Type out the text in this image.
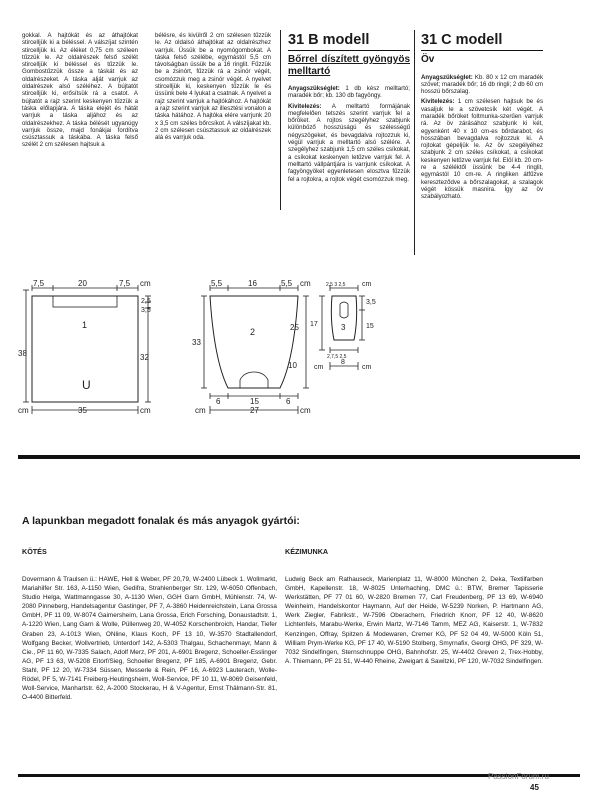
gokkal. A hajtókát és az áthajtókat stircelljük ki a béléssel. A válszíjat szintén stircelljük ki. Az éléket 0,75 cm széleen tűzzük le. Az oldalrészek felső szélét stircelljük ki béléssel és tűzzük le. Gombostűzzük össze a táskát és az oldalrészeket. A táska alját varrjuk az oldalrészek alsó széléhez. A bújtatót stircelljük ki, erősítsük rá a csatot. A bújtatót a rajz szerint keskenyen tűzzük a táska előlapjára. A táska elejét és hátát varrjuk a táska aljához és az oldalrészekhez. A táska bélését ugyanúgy varrjuk össze, majd fonákjai fordítva csúsztassuk a táskába. A táska felső szélét 2 cm szélesen hajtsuk a
bélésre, és kivülről 2 cm szélesen tűzzük le. Az oldalsó áthajtókat az oldalrészhez varrjuk. Üssük be a nyomógombokat. A táska felső szélébe, egymástól 5,5 cm távolságban üssük be a 16 ringlit. Fűzzük be a zsinórt, fűzzük rá a zsinór végét, csomózzuk meg a zsinór végét. A nyelvet stircelljük ki, keskenyen tűzzük le és üssünk bele 4 lyukat a csatnak. A nyelvet a rajz szerint varrjuk a hajtókához. A hajtókát a rajz szerint varrjuk az illesztési vonalon a táska hátához. A hajtóka elére varrjunk 20 x 3,5 cm széles bőrcsíkot. A válszíjakat kb. 2 cm szélesen csúsztassuk az oldalrészek alá és varrjuk oda.
31 B modell
Bőrrel díszített gyöngyös melltartó

Anyagszükséglet: 1 db kész melltartó; maradék bőr; kb. 130 db fagyöngy.

Kivitelezés: A melltartó formájának megfelelően tetszés szerint varrjuk fel a bőröket. A rojtos szegélyhez szabjunk különböző hosszúságú és szélességű négyszögeket, és bevagdalva rojtozzuk ki, végül varrjuk a melltartó alsó szélére. A szegélyhez szabjunk 1,5 cm széles csíkokat, a csíkokat keskenyen letűzve varrjuk fel. A melltartó vállpántjára is varrjunk csíkokat. A fagyöngyöket egyenletesen elosztva fűzzük fel a rojtokra, a rojtok végét csomózzuk meg.

31 C modell
Öv

Anyagszükséglet: Kb. 80 x 12 cm maradék szövet; maradék bőr; 16 db ringli; 2 db 60 cm hosszú bőrszalag.

Kivitelezés: 1 cm szélesen hajtsuk be és vasaljuk le a szövetcsík két végét. A maradék bőröket foltmunka-szerűen varrjuk rá. Az öv zárásához szabjunk ki két, egyenként 40 x 10 cm-es bőrdarabot, és hosszában bevagdalva rojtozzuk ki. A rojtokat gépeljük le. Az öv szegélyéhez szabjunk 2 cm széles csíkokat, a csíkokat keskenyen letűzve varrjuk fel. Elöl kb. 20 cm-re a széléktől üssünk be 4-4 ringlit, egymástól 10 cm-re. A ringliken átfűzve kereszteződve a bőrszalagokat, a szalagok végét kössük masnira. Így az öv szabályozható.

7,5	20	7,5 cm
2,5
3,5
1
U
38	32
cm	35	cm
5,5	16	5,5 cm
2
33
25
10
6	15	6
cm	27	cm
2,5 3 2,5 cm
3,5
15
3
17
2,7,5 2,5
cm
8
cm
A lapunkban megadott fonalak és más anyagok gyártói:
KÖTÉS	KÉZIMUNKA
Dovermann & Traulsen ü.: HAWE, Hell & Weber, PF 20,79, W-2400 Lübeck 1. Wollmarkt, Mariahilfer Str. 163, A-1150 Wien, Gedifra, Strahlenberger Str. 129, W-6050 Offenbach, Studio Helga, Wattmanngasse 30, A-1130 Wien, GGH Garn GmbH, Mühlenstr. 74, W-2080 Pinneberg, Handelsagentur Gastinger, PF 7, A-3860 Heidenreichstein, Lana Grossa GmbH, PF 11 09, W-8074 Gaimersheim, Lana Grossa, Erich Forsching, Donaustadtstr. 1, A-1220 Wien, Lang Garn & Wolle, Püllenweg 20, W-4052 Korschenbroich, Handar, Tiefer Graben 23, A-1013 Wien, ONline, Klaus Koch, PF 13 10, W-3570 Stadtallendorf, Wolfgang Becker, Wollvertrieb, Unterdorf 142, A-5303 Thalgau, Schachenmayr, Mann & Cie., PF 11 60, W-7335 Salach, Adolf Merz, PF 201, A-6901 Bregenz, Schoeller-Esslinger AG, PF 13 63, W-5208 Eitorf/Sieg, Schoeller Bregenz, PF 185, A-6901 Bregenz, Gebr. Stahl, PF 12 20, W-7334 Süssen, Messerle & Rein, PF 16, A-6923 Lauterach, Wolle-Rödel, PF 5, W-7141 Freiberg-Heutingsheim, Woll-Service, PF 10 11, W-8069 Geisenfeld, Woll-Service, Manhartstr. 62, A-2000 Stockerau, H & V-Agentur, Ernst Thälmann-Str. 81, O-4400 Bitterfeld.
Ludwig Beck am Rathauseck, Marienplatz 11, W-8000 München 2, Deka, Textilfarben GmbH, Kapellenstr. 18, W-8025 Unterhaching, DMC ü.: BTW, Bremer Tapisserie Werkstätten, PF 77 01 60, W-2820 Bremen 77, Carl Freudenberg, PF 13 69, W-6940 Weinheim, Handelskontor Haymann, Auf der Heide, W-5239 Norken, P. Hartmann AG, Werk Ziegler, Fabrikstr., W-7596 Oberachern, Friedrich Knorr, PF 12 40, W-8620 Lichtenfels, Marabu-Werke, Erwin Martz, W-7146 Tamm, MEZ AG, Kaiserstr. 1, W-7832 Kenzingen, Offray, Spitzen & Modewaren, Cremer KG, PF 52 04 49, W-5000 Köln 51, William Prym-Werke KG, PF 17 40, W-5190 Stolberg, Smyrnafix, Georgi OHG, PF 329, W-7032 Sindelfingen, Sternschnuppe OHG, Bahnhofstr. 25, W-4402 Greven 2, Trex-Hobby, A. Thiemann, PF 21 51, W-440 Rheine, Zweigart & Sawitzki, PF 120, W-7032 Sindelfingen.
PassionForum.ru
45
